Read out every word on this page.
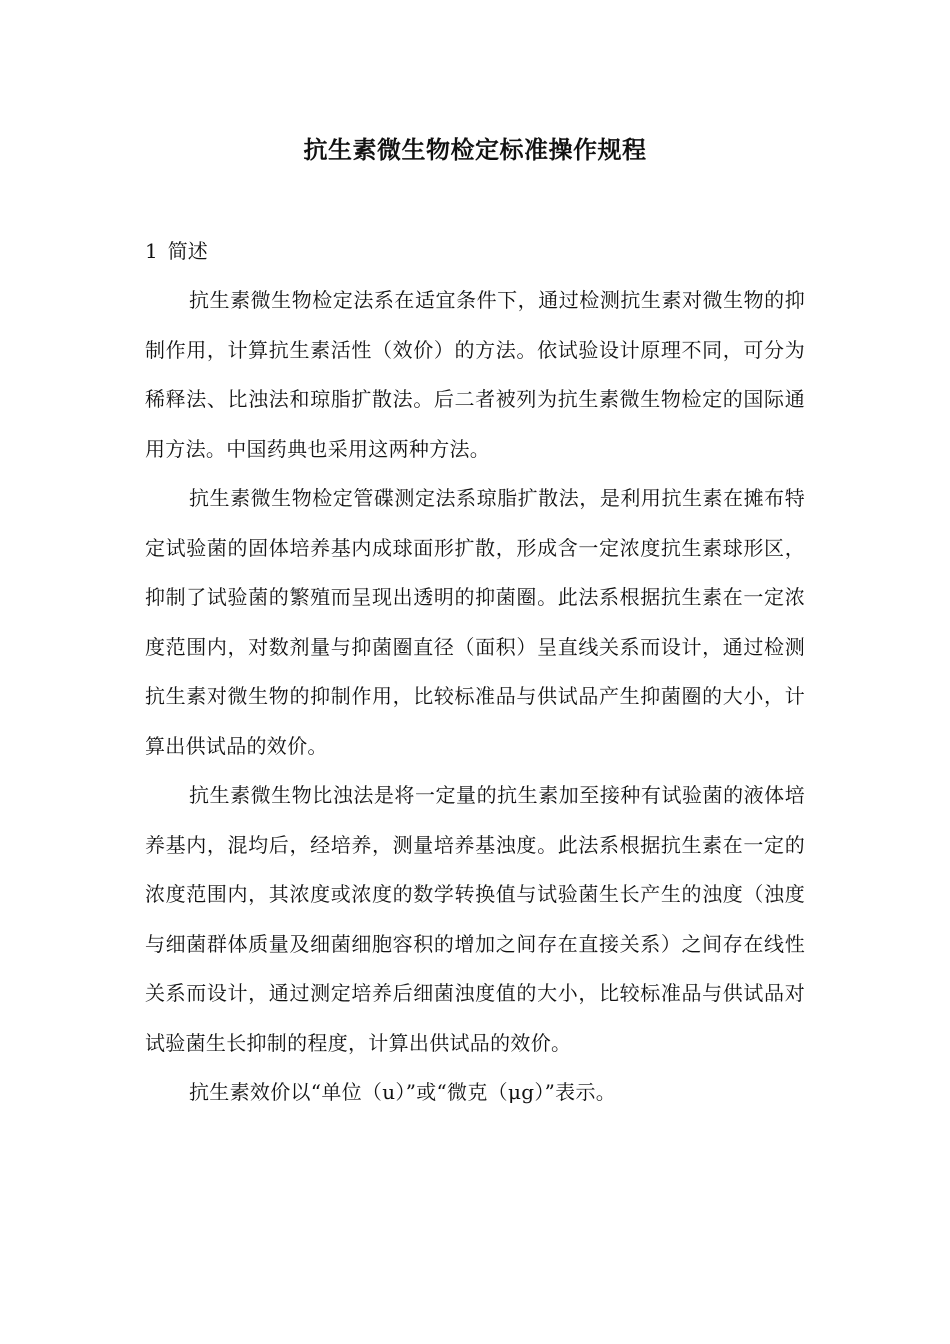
抗生素微生物检定标准操作规程
1 简述

抗生素微生物检定法系在适宜条件下，通过检测抗生素对微生物的抑制作用，计算抗生素活性（效价）的方法。依试验设计原理不同，可分为稀释法、比浊法和琼脂扩散法。后二者被列为抗生素微生物检定的国际通用方法。中国药典也采用这两种方法。

抗生素微生物检定管碟测定法系琼脂扩散法，是利用抗生素在摊布特定试验菌的固体培养基内成球面形扩散，形成含一定浓度抗生素球形区，抑制了试验菌的繁殖而呈现出透明的抑菌圈。此法系根据抗生素在一定浓度范围内，对数剂量与抑菌圈直径（面积）呈直线关系而设计，通过检测抗生素对微生物的抑制作用，比较标准品与供试品产生抑菌圈的大小，计算出供试品的效价。

抗生素微生物比浊法是将一定量的抗生素加至接种有试验菌的液体培养基内，混均后，经培养，测量培养基浊度。此法系根据抗生素在一定的浓度范围内，其浓度或浓度的数学转换值与试验菌生长产生的浊度（浊度与细菌群体质量及细菌细胞容积的增加之间存在直接关系）之间存在线性关系而设计，通过测定培养后细菌浊度值的大小，比较标准品与供试品对试验菌生长抑制的程度，计算出供试品的效价。

抗生素效价以“单位（u）”或“微克（μg）”表示。
